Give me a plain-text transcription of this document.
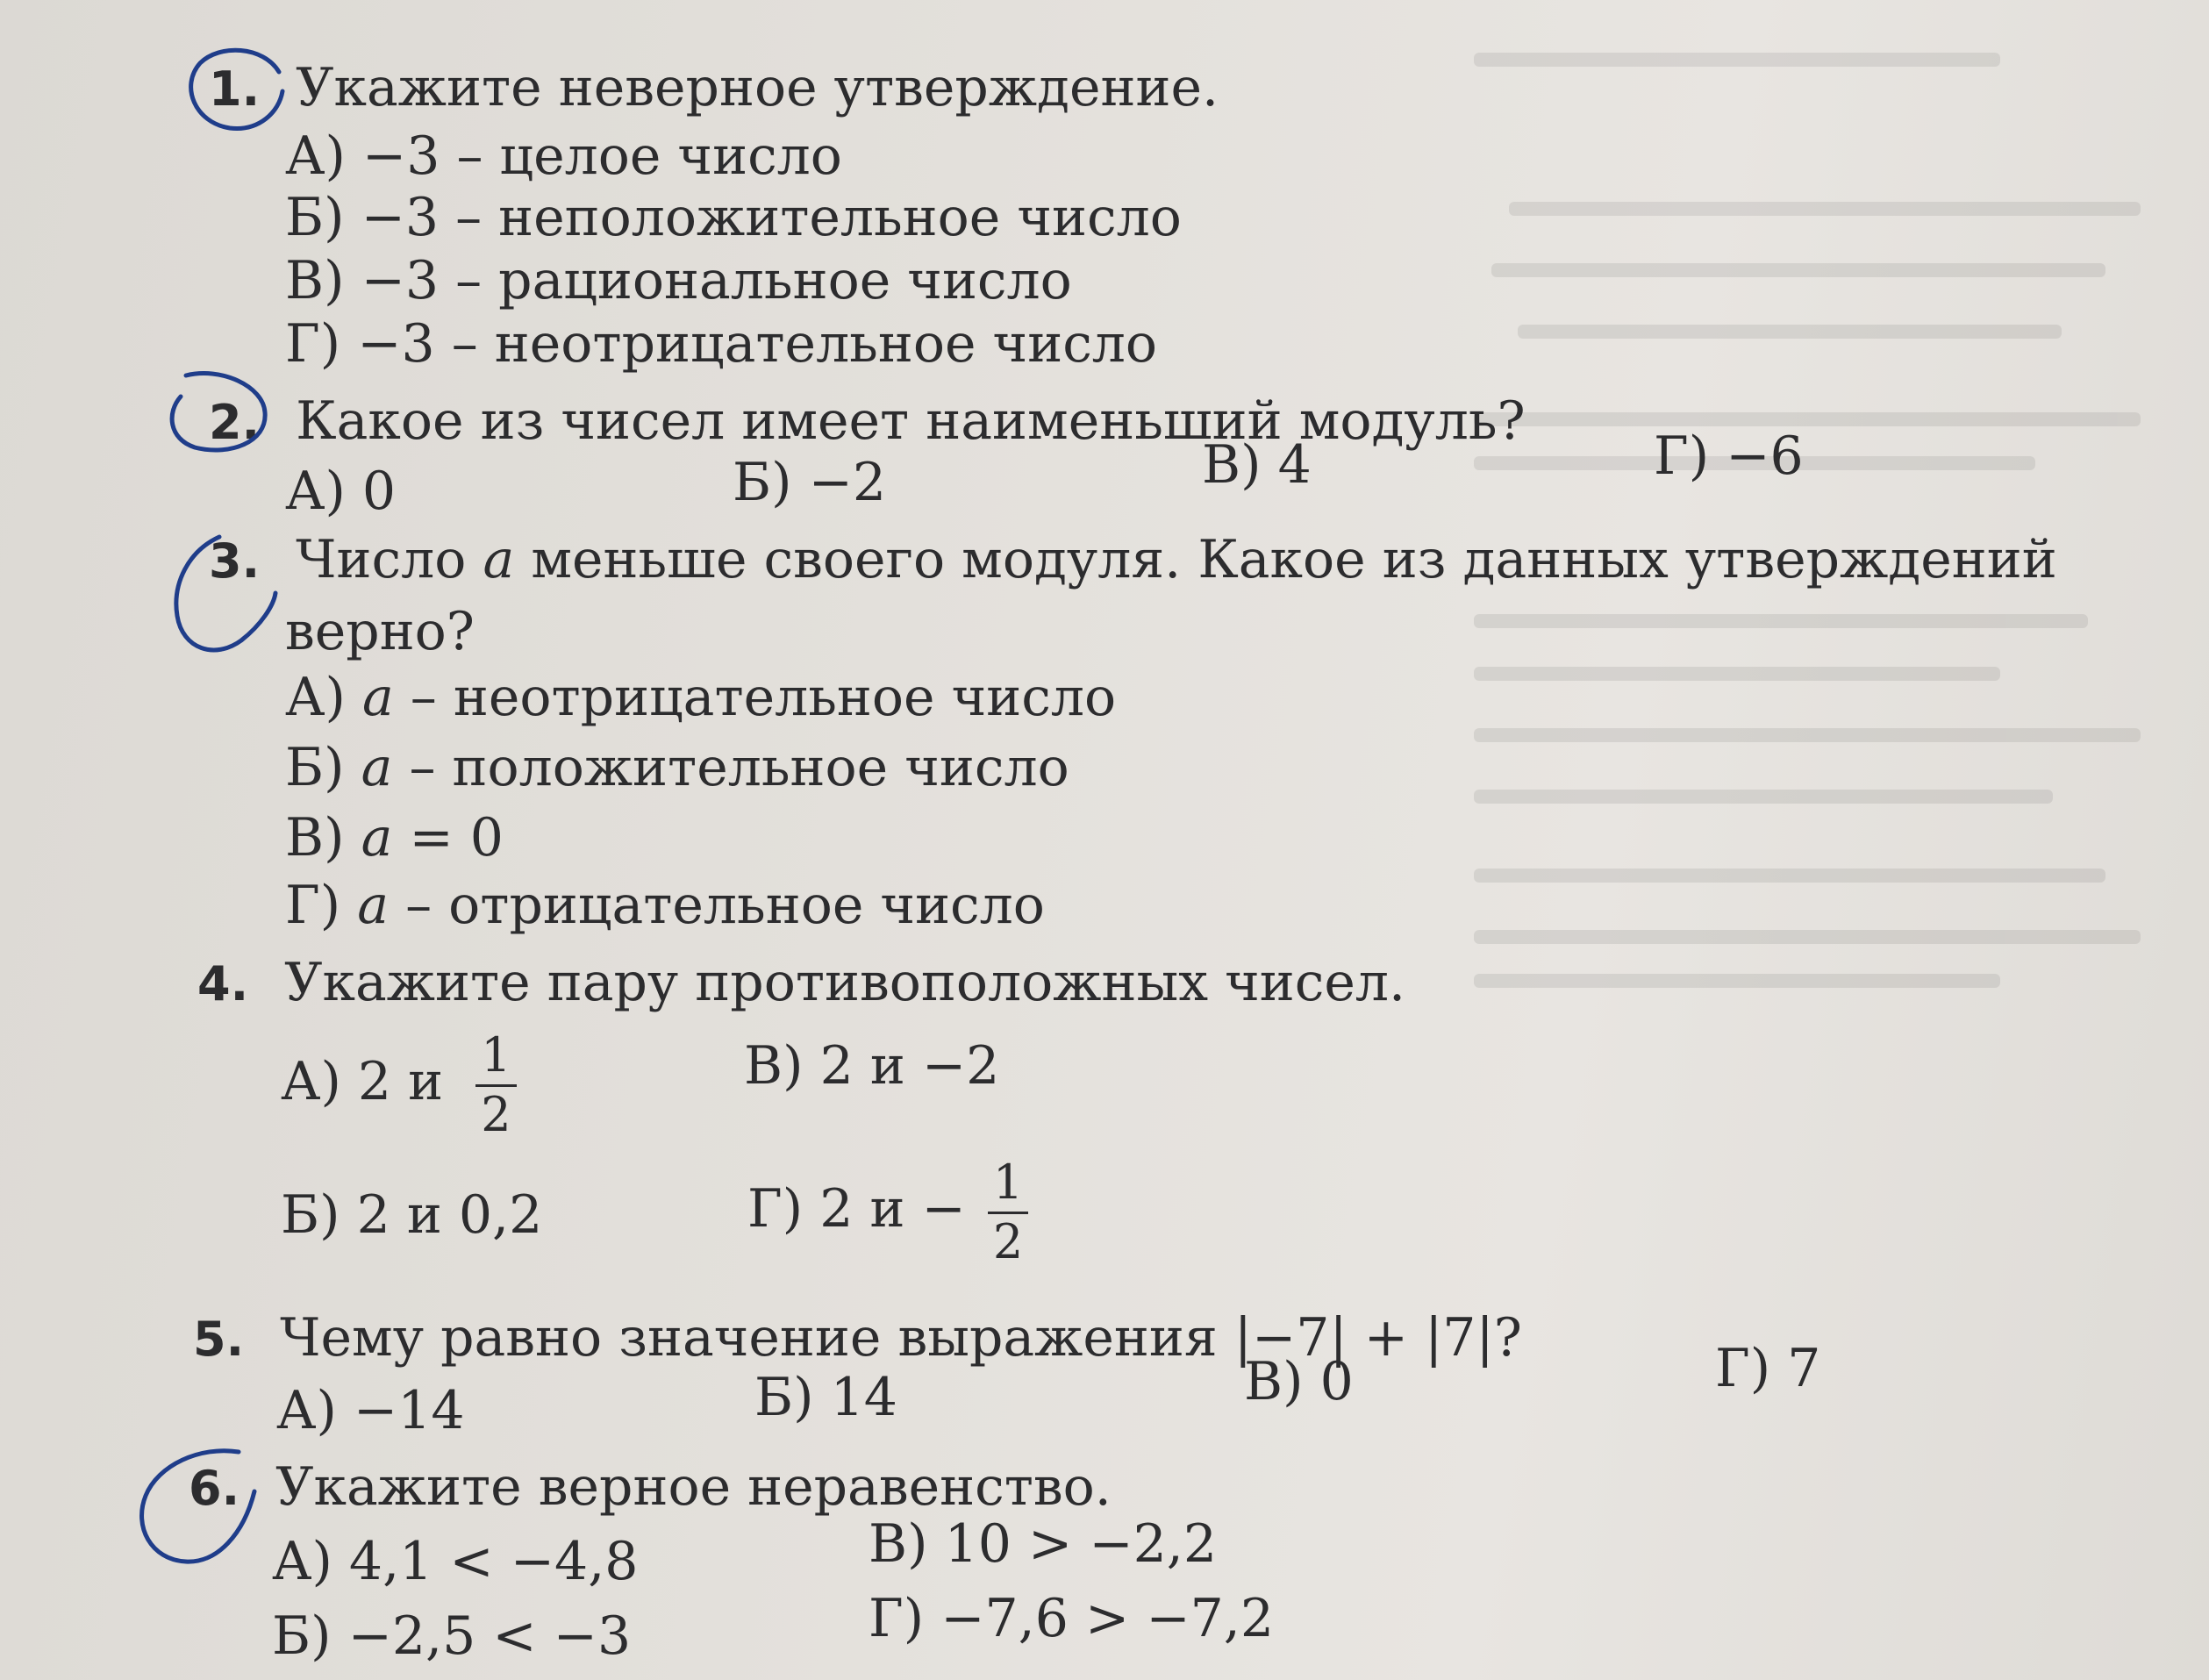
1. Укажите неверное утверждение.
А) −3 – целое число
Б) −3 – неположительное число
В) −3 – рациональное число
Г) −3 – неотрицательное число
2. Какое из чисел имеет наименьший модуль?
А) 0	Б) −2	В) 4	Г) −6
3. Число a меньше своего модуля. Какое из данных утверждений
верно?
А) a – неотрицательное число
Б) a – положительное число
В) a = 0
Г) a – отрицательное число
4. Укажите пару противоположных чисел.
А) 2 и $\frac{1}{2}$	В) 2 и −2
Б) 2 и 0,2	Г) 2 $и - \frac{1}{2}$
5. Чему равно значение выражения |−7| + |7|?
А) −14	Б) 14	В) 0	Г) 7
6. Укажите верное неравенство.
А) 4,1 < −4,8	В) 10 > −2,2
Б) −2,5 < −3	Г) −7,6 > −7,2
